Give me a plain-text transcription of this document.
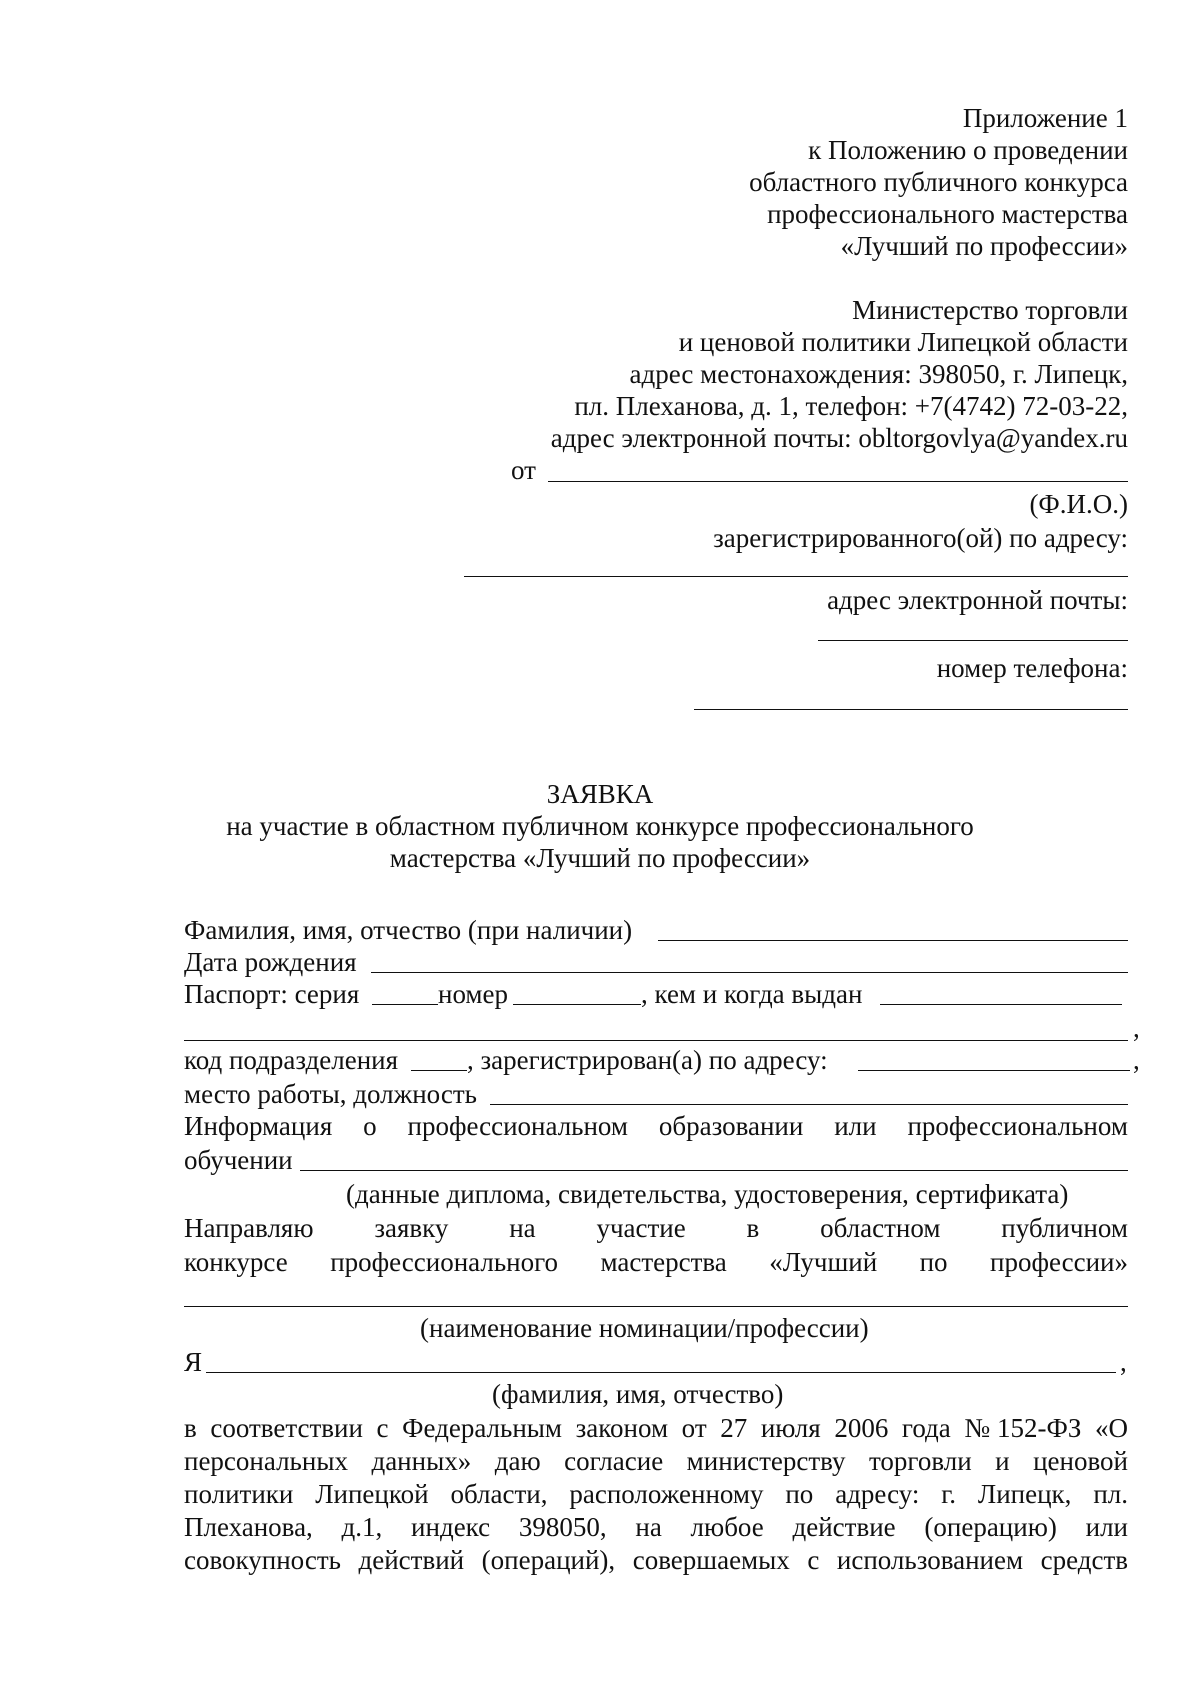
Приложение 1
к Положению о проведении
областного публичного конкурса
профессионального мастерства
«Лучший по профессии»
Министерство торговли
и ценовой политики Липецкой области
адрес местонахождения: 398050, г. Липецк,
пл. Плеханова, д. 1, телефон: +7(4742) 72-03-22,
адрес электронной почты: obltorgovlya@yandex.ru
от
(Ф.И.О.)
зарегистрированного(ой) по адресу:
адрес электронной почты:
номер телефона:
ЗАЯВКА
на участие в областном публичном конкурсе профессионального
мастерства «Лучший по профессии»
Фамилия, имя, отчество (при наличии)
Дата рождения
Паспорт: серия	номер	, кем и когда выдан
,
код подразделения	, зарегистрирован(а) по адресу:	,
место работы, должность
Информация о профессиональном образовании или профессиональном
обучении
(данные диплома, свидетельства, удостоверения, сертификата)
Направляю заявку на участие в областном публичном
конкурсе профессионального мастерства «Лучший по профессии»
(наименование номинации/профессии)
Я	,
(фамилия, имя, отчество)
в соответствии с Федеральным законом от 27 июля 2006 года №152-ФЗ «О
персональных данных» даю согласие министерству торговли и ценовой
политики Липецкой области, расположенному по адресу: г. Липецк, пл.
Плеханова, д.1, индекс 398050, на любое действие (операцию) или
совокупность действий (операций), совершаемых с использованием средств
